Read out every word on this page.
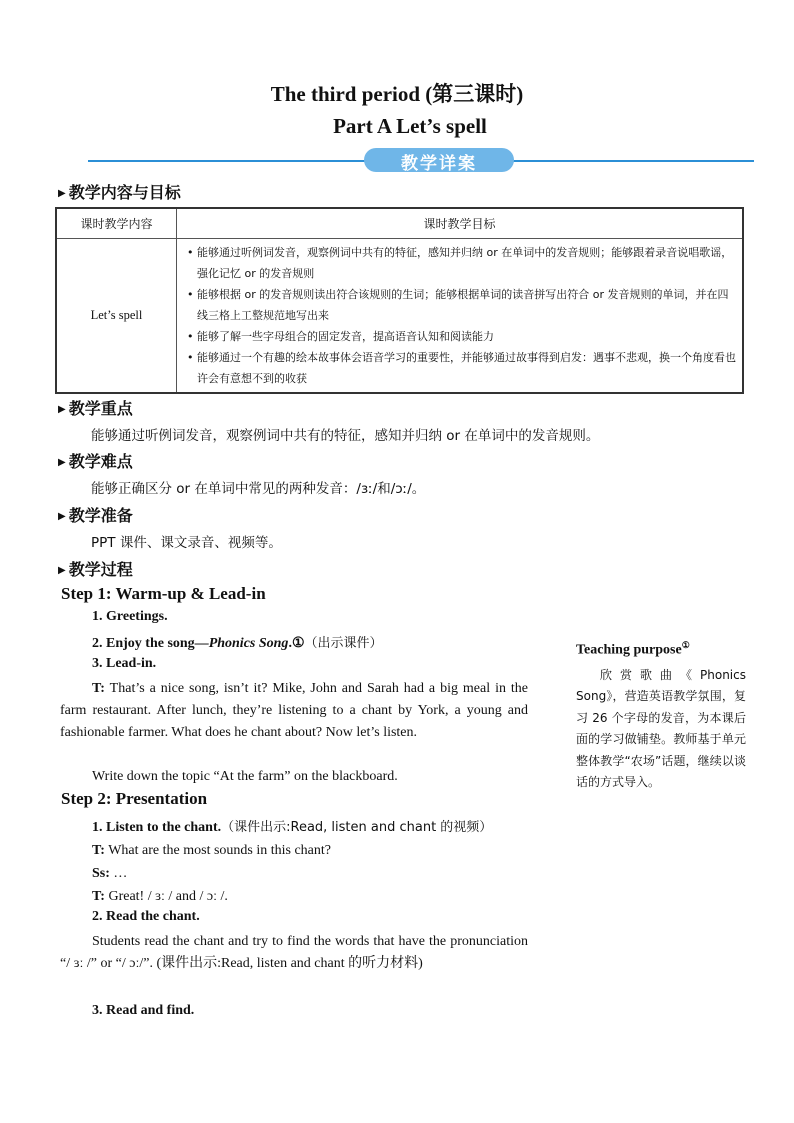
The third period (第三课时)
Part A Let’s spell
教学详案
▶ 教学内容与目标
课时教学内容	课时教学目标
Let’s spell	• 能够通过听例词发音，观察例词中共有的特征，感知并归纳 or 在单词中的发音规则；能够跟着录音说唱歌谣，强化记忆 or 的发音规则
• 能够根据 or 的发音规则读出符合该规则的生词；能够根据单词的读音拼写出符合 or 发音规则的单词，并在四线三格上工整规范地写出来
• 能够了解一些字母组合的固定发音，提高语音认知和阅读能力
• 能够通过一个有趣的绘本故事体会语音学习的重要性，并能够通过故事得到启发：遇事不悲观，换一个角度看也许会有意想不到的收获
▶ 教学重点
能够通过听例词发音，观察例词中共有的特征，感知并归纳 or 在单词中的发音规则。
▶ 教学难点
能够正确区分 or 在单词中常见的两种发音：/ɜː/和/ɔː/。
▶ 教学准备
PPT 课件、课文录音、视频等。
▶ 教学过程
Step 1: Warm-up & Lead-in
1. Greetings.
2. Enjoy the song—Phonics Song.①（出示课件）
3. Lead-in.
T: That’s a nice song, isn’t it? Mike, John and Sarah had a big meal in the farm restaurant. After lunch, they’re listening to a chant by York, a young and fashionable farmer. What does he chant about? Now let’s listen.
Write down the topic “At the farm” on the blackboard.
Step 2: Presentation
1. Listen to the chant.（课件出示:Read, listen and chant 的视频）
T: What are the most sounds in this chant?
Ss: …
T: Great! / ɜː / and / ɔː /.
2. Read the chant.
Students read the chant and try to find the words that have the pronunciation “/ ɜː /” or “/ ɔː/”. (课件出示:Read, listen and chant 的听力材料)
3. Read and find.
Teaching purpose①
欣赏歌曲《Phonics Song》，营造英语教学氛围，复习 26 个字母的发音，为本课后面的学习做铺垫。教师基于单元整体教学“农场”话题，继续以谈话的方式导入。
